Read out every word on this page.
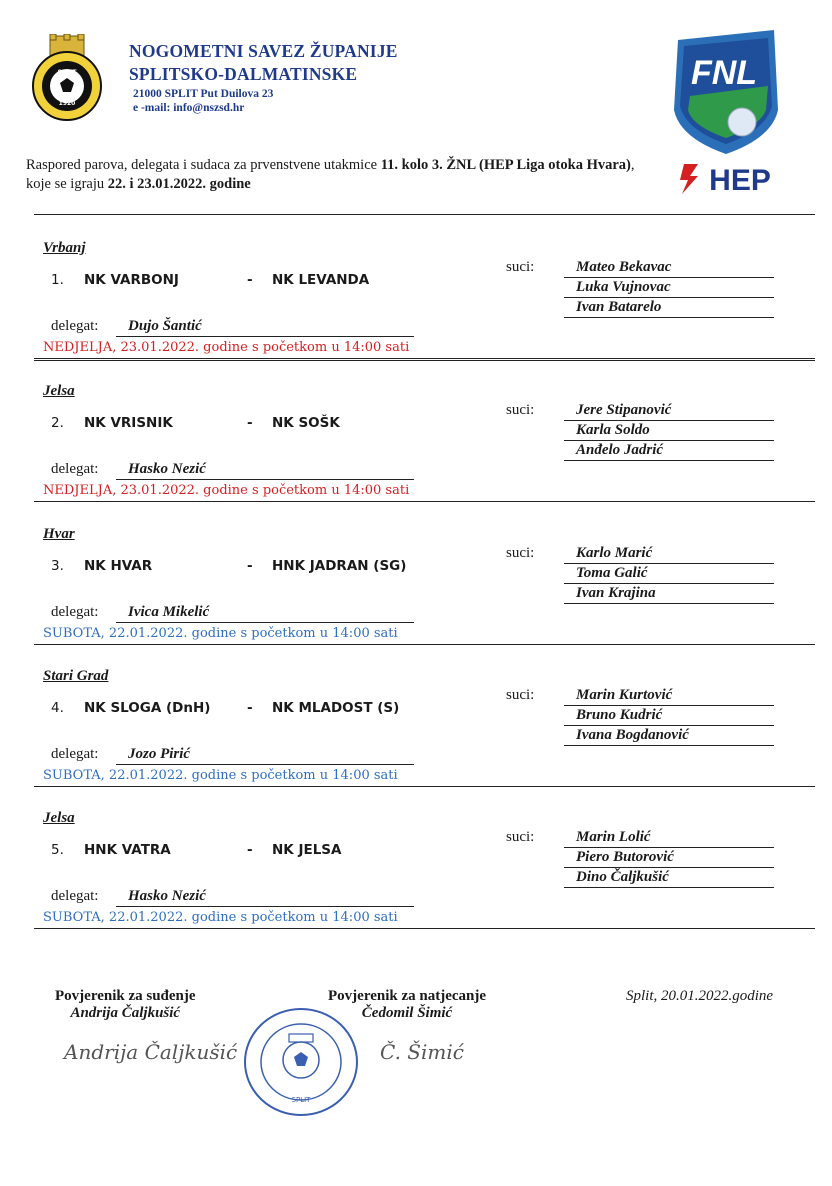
SPLIT
1920
NOGOMETNI SAVEZ ŽUPANIJE
SPLITSKO-DALMATINSKE
21000 SPLIT Put Duilova 23
e -mail: info@nszsd.hr
FNL
HEP
Raspored parova, delegata i sudaca za prvenstvene utakmice 11. kolo 3. ŽNL (HEP Liga otoka Hvara), koje se igraju 22. i 23.01.2022. godine
Vrbanj
1. NK VARBONJ	- NK LEVANDA
suci:	Mateo Bekavac
Luka Vujnovac
Ivan Batarelo
delegat:	Dujo Šantić
NEDJELJA, 23.01.2022. godine s početkom u 14:00 sati
Jelsa
2. NK VRISNIK	- NK SOŠK
suci:	Jere Stipanović
Karla Soldo
Anđelo Jadrić
delegat:	Hasko Nezić
NEDJELJA, 23.01.2022. godine s početkom u 14:00 sati
Hvar
3. NK HVAR	- HNK JADRAN (SG)
suci:	Karlo Marić
Toma Galić
Ivan Krajina
delegat:	Ivica Mikelić
SUBOTA, 22.01.2022. godine s početkom u 14:00 sati
Stari Grad
4. NK SLOGA (DnH)	- NK MLADOST (S)
suci:	Marin Kurtović
Bruno Kudrić
Ivana Bogdanović
delegat:	Jozo Pirić
SUBOTA, 22.01.2022. godine s početkom u 14:00 sati
Jelsa
5. HNK VATRA	- NK JELSA
suci:	Marin Lolić
Piero Butorović
Dino Čaljkušić
delegat:	Hasko Nezić
SUBOTA, 22.01.2022. godine s početkom u 14:00 sati
Povjerenik za suđenje
Andrija Čaljkušić
Andrija Čaljkušić
SPLIT
Povjerenik za natjecanje
Čedomil Šimić
Č. Šimić
Split, 20.01.2022.godine
